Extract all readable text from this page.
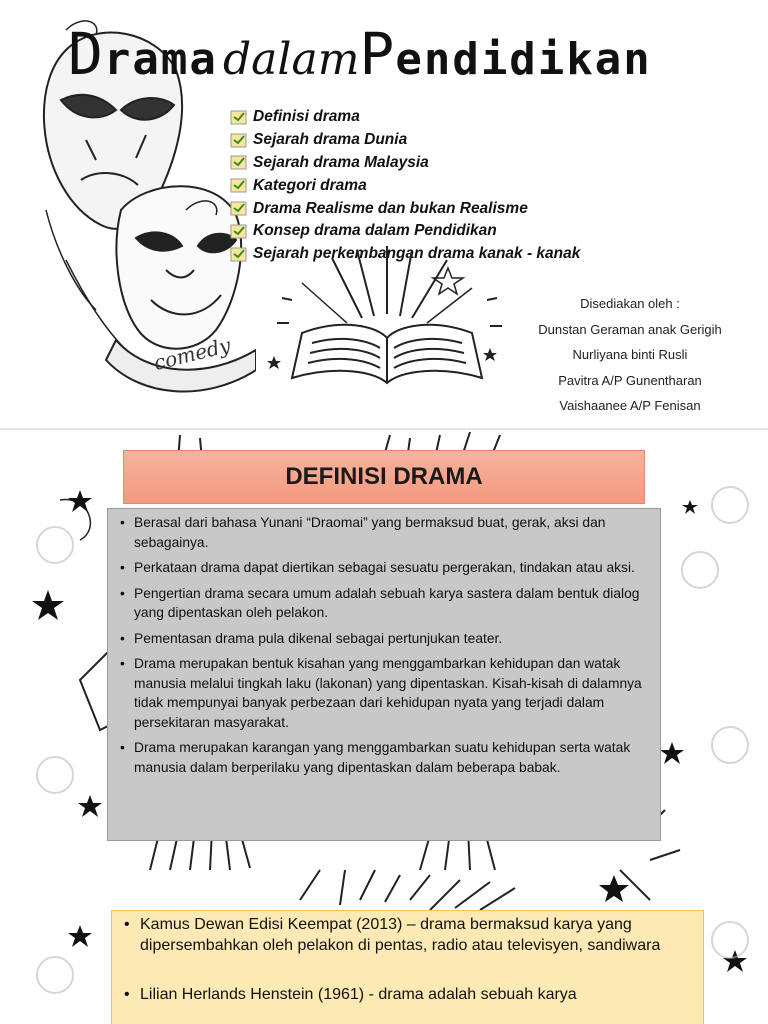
comedy
Drama dalamPendidikan
Definisi drama
Sejarah drama Dunia
Sejarah drama Malaysia
Kategori drama
Drama Realisme dan bukan Realisme
Konsep drama dalam Pendidikan
Sejarah perkembangan drama kanak - kanak
Disediakan oleh :
Dunstan Geraman anak Gerigih
Nurliyana binti Rusli
Pavitra A/P Gunentharan
Vaishaanee A/P Fenisan
DEFINISI DRAMA
• Berasal dari bahasa Yunani “Draomai” yang bermaksud buat, gerak, aksi dan sebagainya.
• Perkataan drama dapat diertikan sebagai sesuatu pergerakan, tindakan atau aksi.
• Pengertian drama secara umum adalah sebuah karya sastera dalam bentuk dialog yang dipentaskan oleh pelakon.
• Pementasan drama pula dikenal sebagai pertunjukan teater.
• Drama merupakan bentuk kisahan yang menggambarkan kehidupan dan watak manusia melalui tingkah laku (lakonan) yang dipentaskan. Kisah-kisah di dalamnya tidak mempunyai banyak perbezaan dari kehidupan nyata yang terjadi dalam persekitaran masyarakat.
• Drama merupakan karangan yang menggambarkan suatu kehidupan serta watak manusia dalam berperilaku yang dipentaskan dalam beberapa babak.
• Kamus Dewan Edisi Keempat (2013) – drama bermaksud karya yang dipersembahkan oleh pelakon di pentas, radio atau televisyen, sandiwara
• Lilian Herlands Henstein (1961) - drama adalah sebuah karya
